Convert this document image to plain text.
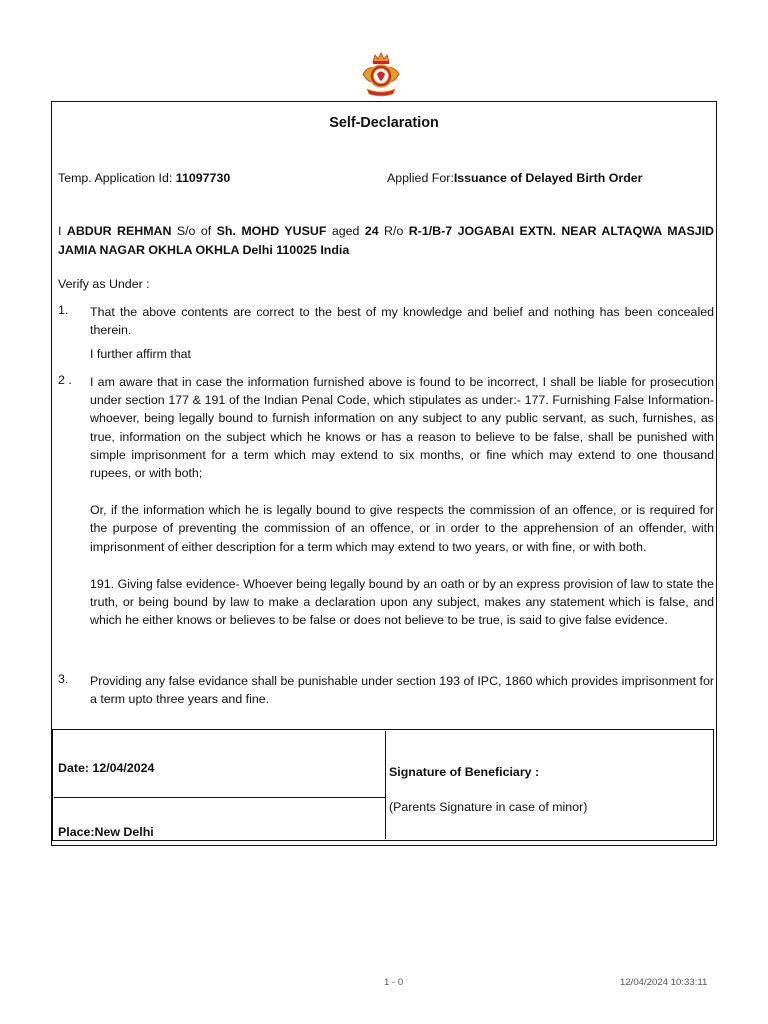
Self-Declaration
Temp. Application Id: 11097730	Applied For:Issuance of Delayed Birth Order
I ABDUR REHMAN S/o of Sh. MOHD YUSUF aged 24 R/o R-1/B-7 JOGABAI EXTN. NEAR ALTAQWA MASJID JAMIA NAGAR OKHLA OKHLA Delhi 110025 India
Verify as Under :
1. That the above contents are correct to the best of my knowledge and belief and nothing has been concealed therein.
I further affirm that
2 . I am aware that in case the information furnished above is found to be incorrect, I shall be liable for prosecution under section 177 & 191 of the Indian Penal Code, which stipulates as under:- 177. Furnishing False Information- whoever, being legally bound to furnish information on any subject to any public servant, as such, furnishes, as true, information on the subject which he knows or has a reason to believe to be false, shall be punished with simple imprisonment for a term which may extend to six months, or fine which may extend to one thousand rupees, or with both;

Or, if the information which he is legally bound to give respects the commission of an offence, or is required for the purpose of preventing the commission of an offence, or in order to the apprehension of an offender, with imprisonment of either description for a term which may extend to two years, or with fine, or with both.

191. Giving false evidence- Whoever being legally bound by an oath or by an express provision of law to state the truth, or being bound by law to make a declaration upon any subject, makes any statement which is false, and which he either knows or believes to be false or does not believe to be true, is said to give false evidence.

3. Providing any false evidance shall be punishable under section 193 of IPC, 1860 which provides imprisonment for a term upto three years and fine.
Date: 12/04/2024
Place:New Delhi
Signature of Beneficiary :
(Parents Signature in case of minor)
1 - 0	12/04/2024 10:33:11
